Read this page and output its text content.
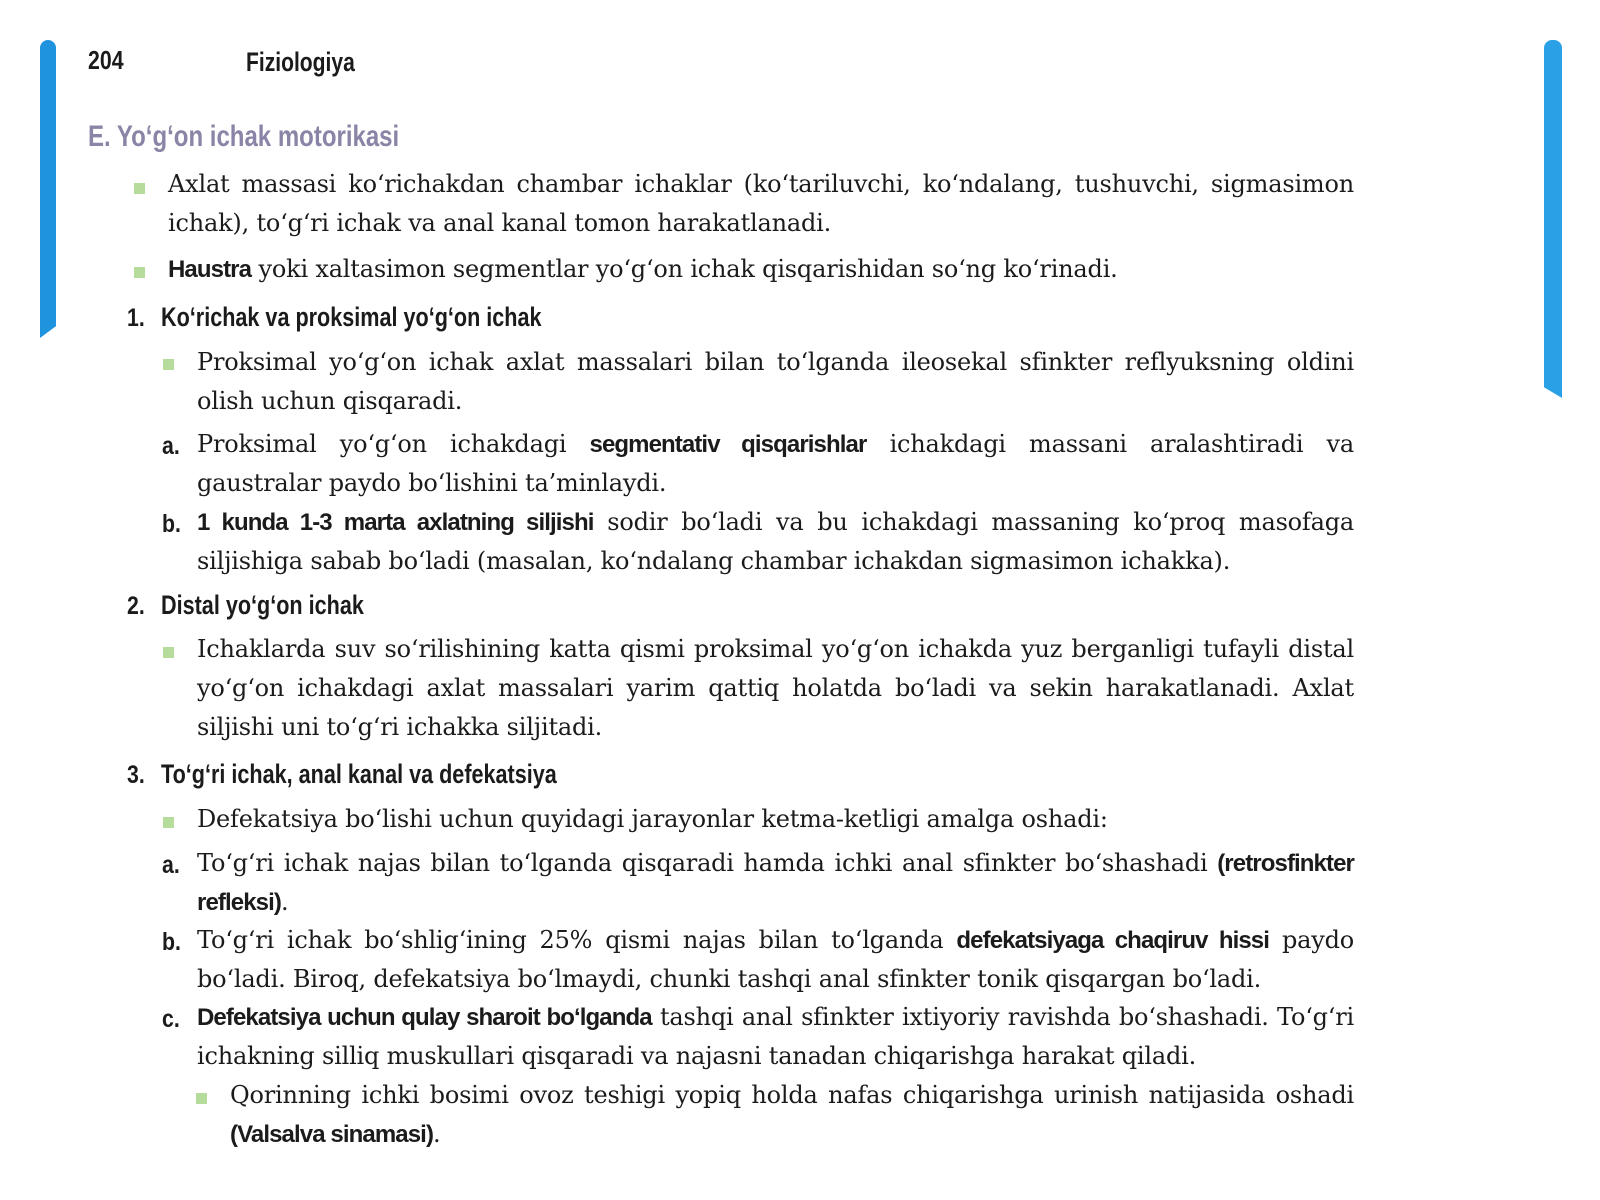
204	Fiziologiya
E. Yo‘g‘on ichak motorikasi

Axlat massasi ko‘richakdan chambar ichaklar (ko‘tariluvchi, ko‘ndalang, tushuvchi, sigmasimon ichak), to‘g‘ri ichak va anal kanal tomon harakatlanadi.

Haustra yoki xaltasimon segmentlar yo‘g‘on ichak qisqarishidan so‘ng ko‘rinadi.

1. Ko‘richak va proksimal yo‘g‘on ichak

Proksimal yo‘g‘on ichak axlat massalari bilan to‘lganda ileosekal sfinkter reflyuksning oldini olish uchun qisqaradi.

a. Proksimal yo‘g‘on ichakdagi segmentativ qisqarishlar ichakdagi massani aralashtiradi va gaustralar paydo bo‘lishini ta’minlaydi.

b. 1 kunda 1-3 marta axlatning siljishi sodir bo‘ladi va bu ichakdagi massaning ko‘proq masofaga siljishiga sabab bo‘ladi (masalan, ko‘ndalang chambar ichakdan sigmasimon ichakka).

2. Distal yo‘g‘on ichak

Ichaklarda suv so‘rilishining katta qismi proksimal yo‘g‘on ichakda yuz berganligi tufayli distal yo‘g‘on ichakdagi axlat massalari yarim qattiq holatda bo‘ladi va sekin harakatlanadi. Axlat siljishi uni to‘g‘ri ichakka siljitadi.

3. To‘g‘ri ichak, anal kanal va defekatsiya

Defekatsiya bo‘lishi uchun quyidagi jarayonlar ketma-ketligi amalga oshadi:

a. To‘g‘ri ichak najas bilan to‘lganda qisqaradi hamda ichki anal sfinkter bo‘shashadi (retrosfinkter refleksi).

b. To‘g‘ri ichak bo‘shlig‘ining 25% qismi najas bilan to‘lganda defekatsiyaga chaqiruv hissi paydo bo‘ladi. Biroq, defekatsiya bo‘lmaydi, chunki tashqi anal sfinkter tonik qisqargan bo‘ladi.

c. Defekatsiya uchun qulay sharoit bo‘lganda tashqi anal sfinkter ixtiyoriy ravishda bo‘shashadi. To‘g‘ri ichakning silliq muskullari qisqaradi va najasni tanadan chiqarishga harakat qiladi.

Qorinning ichki bosimi ovoz teshigi yopiq holda nafas chiqarishga urinish natijasida oshadi (Valsalva sinamasi).
